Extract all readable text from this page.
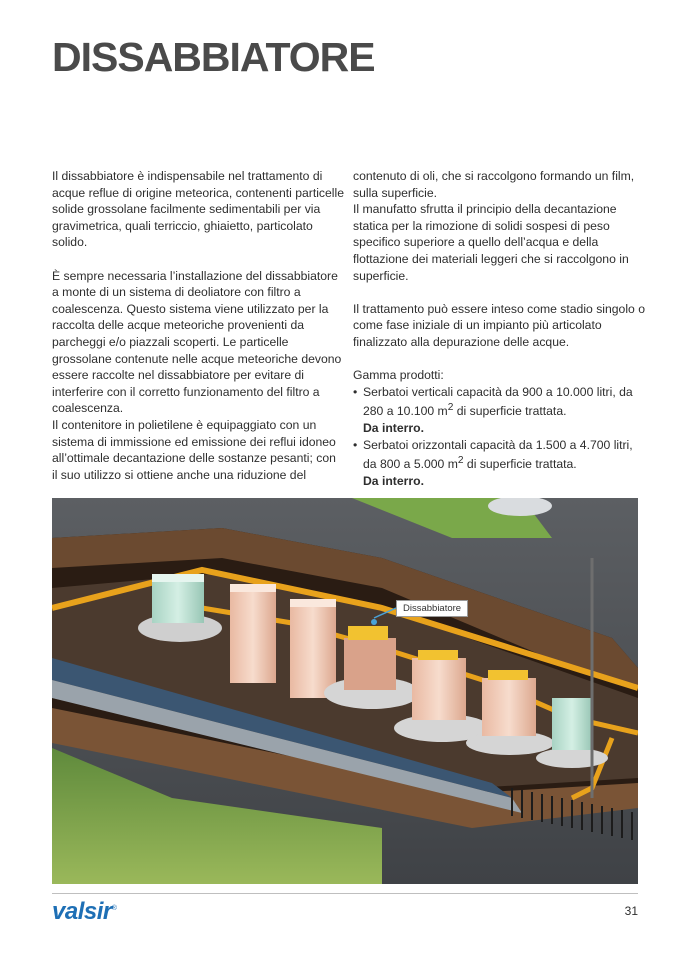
DISSABBIATORE

Il dissabbiatore è indispensabile nel trattamento di acque reflue di origine meteorica, contenenti particelle solide grossolane facilmente sedimentabili per via gravimetrica, quali terriccio, ghiaietto, particolato solido.

È sempre necessaria l’installazione del dissabbiatore a monte di un sistema di deoliatore con filtro a coalescenza. Questo sistema viene utilizzato per la raccolta delle acque meteoriche provenienti da parcheggi e/o piazzali scoperti. Le particelle grossolane contenute nelle acque meteoriche devono essere raccolte nel dissabbiatore per evitare di interferire con il corretto funzionamento del filtro a coalescenza.

Il contenitore in polietilene è equipaggiato con un sistema di immissione ed emissione dei reflui idoneo all’ottimale decantazione delle sostanze pesanti; con il suo utilizzo si ottiene anche una riduzione del

contenuto di oli, che si raccolgono formando un film, sulla superficie.

Il manufatto sfrutta il principio della decantazione statica per la rimozione di solidi sospesi di peso specifico superiore a quello dell’acqua e della flottazione dei materiali leggeri che si raccolgono in superficie.

Il trattamento può essere inteso come stadio singolo o come fase iniziale di un impianto più articolato finalizzato alla depurazione delle acque.

Gamma prodotti:

• Serbatoi verticali capacità da 900 a 10.000 litri, da 280 a 10.100 $m^2$ di superficie trattata.
Da interro.
• Serbatoi orizzontali capacità da 1.500 a 4.700 litri, da 800 a 5.000 $m^2$ di superficie trattata.
Da interro.
Dissabbiatore
valsir®	31
